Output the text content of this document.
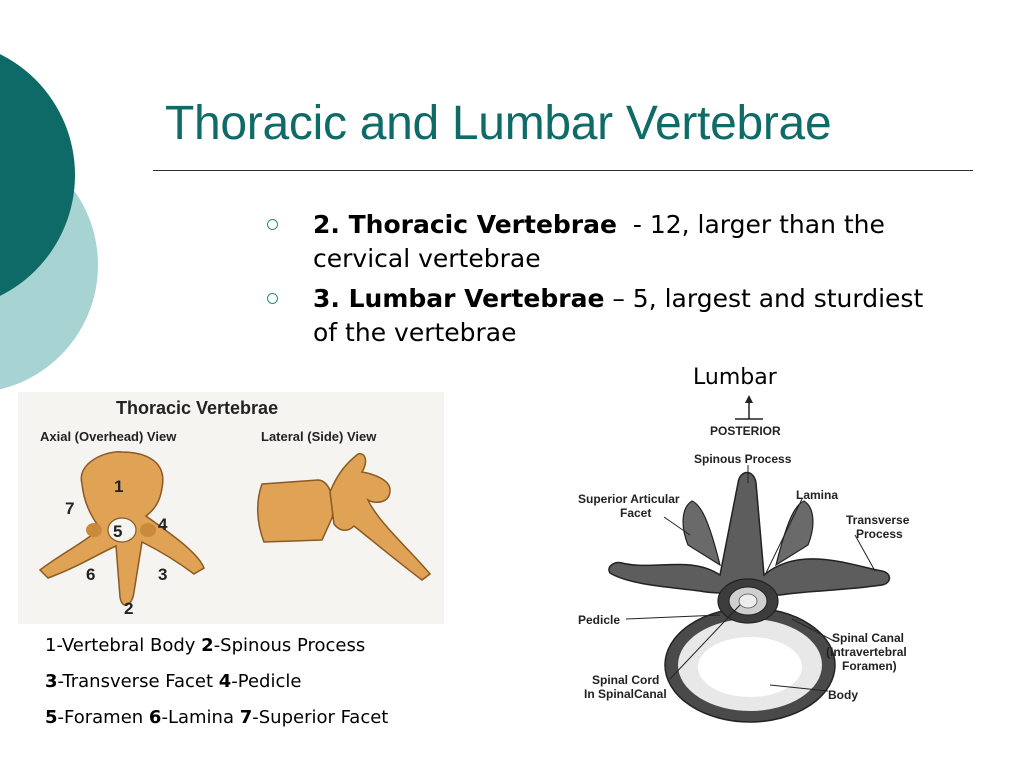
Thoracic and Lumbar Vertebrae
2. Thoracic Vertebrae  - 12, larger than the cervical vertebrae
3. Lumbar Vertebrae – 5, largest and sturdiest of the vertebrae
Lumbar
Thoracic Vertebrae
Axial (Overhead) View	Lateral (Side) View
1
2
3
4
5
6
7
POSTERIOR
Spinous Process
Lamina
Superior Articular
Facet	Transverse
Process
Pedicle
Spinal Canal
(Intravertebral
Foramen)
Spinal Cord
In SpinalCanal	Body
1-Vertebral Body 2-Spinous Process
3-Transverse Facet 4-Pedicle
5-Foramen 6-Lamina 7-Superior Facet
